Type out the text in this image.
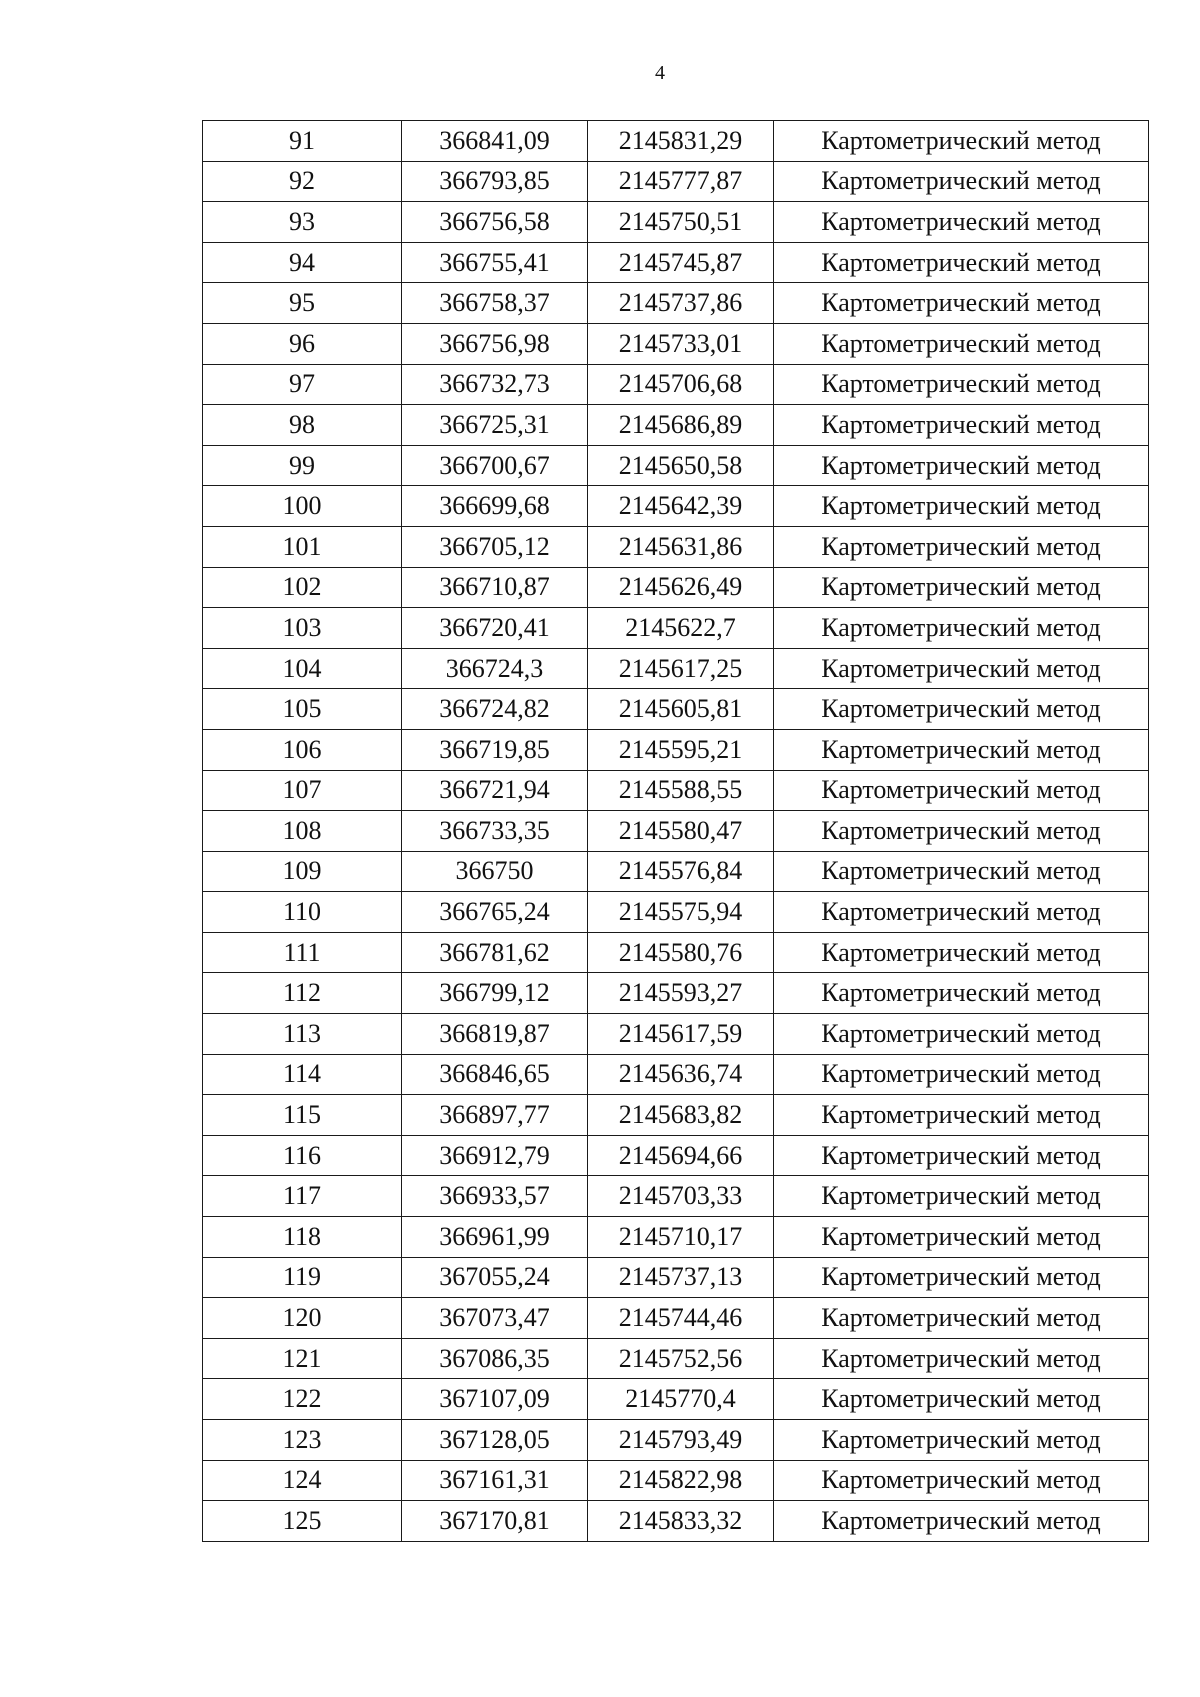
4
91	366841,09	2145831,29	Картометрический метод
92	366793,85	2145777,87	Картометрический метод
93	366756,58	2145750,51	Картометрический метод
94	366755,41	2145745,87	Картометрический метод
95	366758,37	2145737,86	Картометрический метод
96	366756,98	2145733,01	Картометрический метод
97	366732,73	2145706,68	Картометрический метод
98	366725,31	2145686,89	Картометрический метод
99	366700,67	2145650,58	Картометрический метод
100	366699,68	2145642,39	Картометрический метод
101	366705,12	2145631,86	Картометрический метод
102	366710,87	2145626,49	Картометрический метод
103	366720,41	2145622,7	Картометрический метод
104	366724,3	2145617,25	Картометрический метод
105	366724,82	2145605,81	Картометрический метод
106	366719,85	2145595,21	Картометрический метод
107	366721,94	2145588,55	Картометрический метод
108	366733,35	2145580,47	Картометрический метод
109	366750	2145576,84	Картометрический метод
110	366765,24	2145575,94	Картометрический метод
111	366781,62	2145580,76	Картометрический метод
112	366799,12	2145593,27	Картометрический метод
113	366819,87	2145617,59	Картометрический метод
114	366846,65	2145636,74	Картометрический метод
115	366897,77	2145683,82	Картометрический метод
116	366912,79	2145694,66	Картометрический метод
117	366933,57	2145703,33	Картометрический метод
118	366961,99	2145710,17	Картометрический метод
119	367055,24	2145737,13	Картометрический метод
120	367073,47	2145744,46	Картометрический метод
121	367086,35	2145752,56	Картометрический метод
122	367107,09	2145770,4	Картометрический метод
123	367128,05	2145793,49	Картометрический метод
124	367161,31	2145822,98	Картометрический метод
125	367170,81	2145833,32	Картометрический метод
